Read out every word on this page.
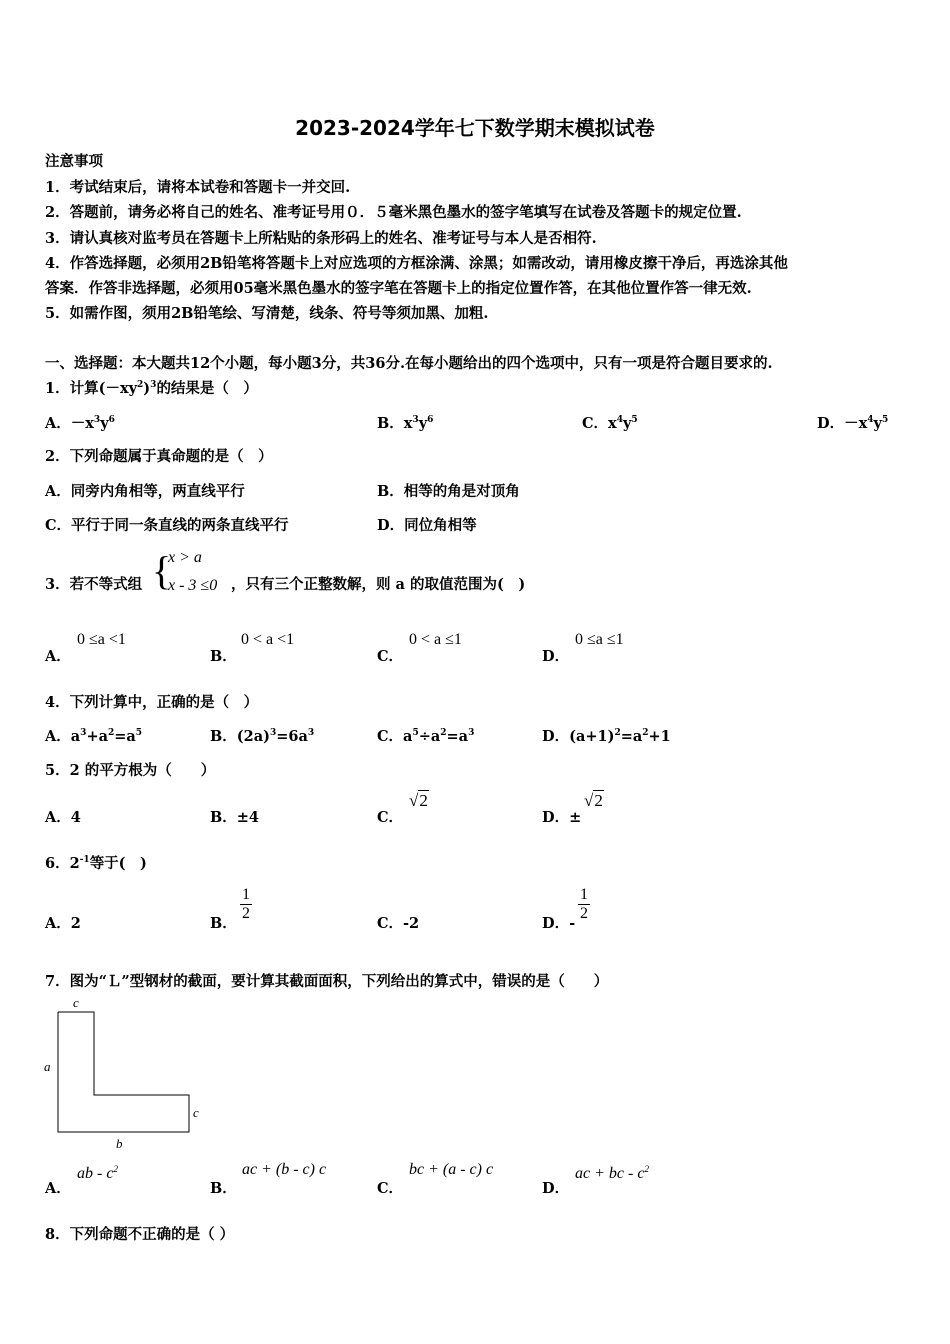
2023-2024学年七下数学期末模拟试卷
注意事项
1．考试结束后，请将本试卷和答题卡一并交回.
2．答题前，请务必将自己的姓名、准考证号用０．５毫米黑色墨水的签字笔填写在试卷及答题卡的规定位置.
3．请认真核对监考员在答题卡上所粘贴的条形码上的姓名、准考证号与本人是否相符.
4．作答选择题，必须用2B铅笔将答题卡上对应选项的方框涂满、涂黑；如需改动，请用橡皮擦干净后，再选涂其他
答案．作答非选择题，必须用05毫米黑色墨水的签字笔在答题卡上的指定位置作答，在其他位置作答一律无效.
5．如需作图，须用2B铅笔绘、写清楚，线条、符号等须加黑、加粗.
一、选择题：本大题共12个小题，每小题3分，共36分.在每小题给出的四个选项中，只有一项是符合题目要求的.
1．计算$(-xy^2)^3$的结果是（　）
A．$-x^3y^6$	B．$x^3y^6$	C．$x^4y^5$	D．$-x^4y^5$
2．下列命题属于真命题的是（　）
A．同旁内角相等，两直线平行	B．相等的角是对顶角
C．平行于同一条直线的两条直线平行	D．同位角相等
3．若不等式组 {
x > a
x - 3 ≤0 ，只有三个正整数解，则 a 的取值范围为(　)
A．
0 ≤a <1
B．
0 < a <1
C．
0 < a ≤1
D．
0 ≤a ≤1
4．下列计算中，正确的是（　）
A．$a^3+a^2=a^5$	B．$(2a)^3=6a^3$	C．$a^5\div a^2=a^3$	D．$(a+1)^2=a^2+1$
5．2 的平方根为（　　）
A．4	B．±4	C．
√2
D．±
√2
6．$2^{-1}$等于(　)
A．2	B．
$\frac{1}{2}$
C．-2	D．-
$\frac{1}{2}$
7．图为“Ｌ”型钢材的截面，要计算其截面面积，下列给出的算式中，错误的是（　　）
c
a
c
b
A．
ab - $c^2$
B．
ac + (b - c) c
C．
bc + (a - c) c
D．
ac + bc - $c^2$
8．下列命题不正确的是（ ）
